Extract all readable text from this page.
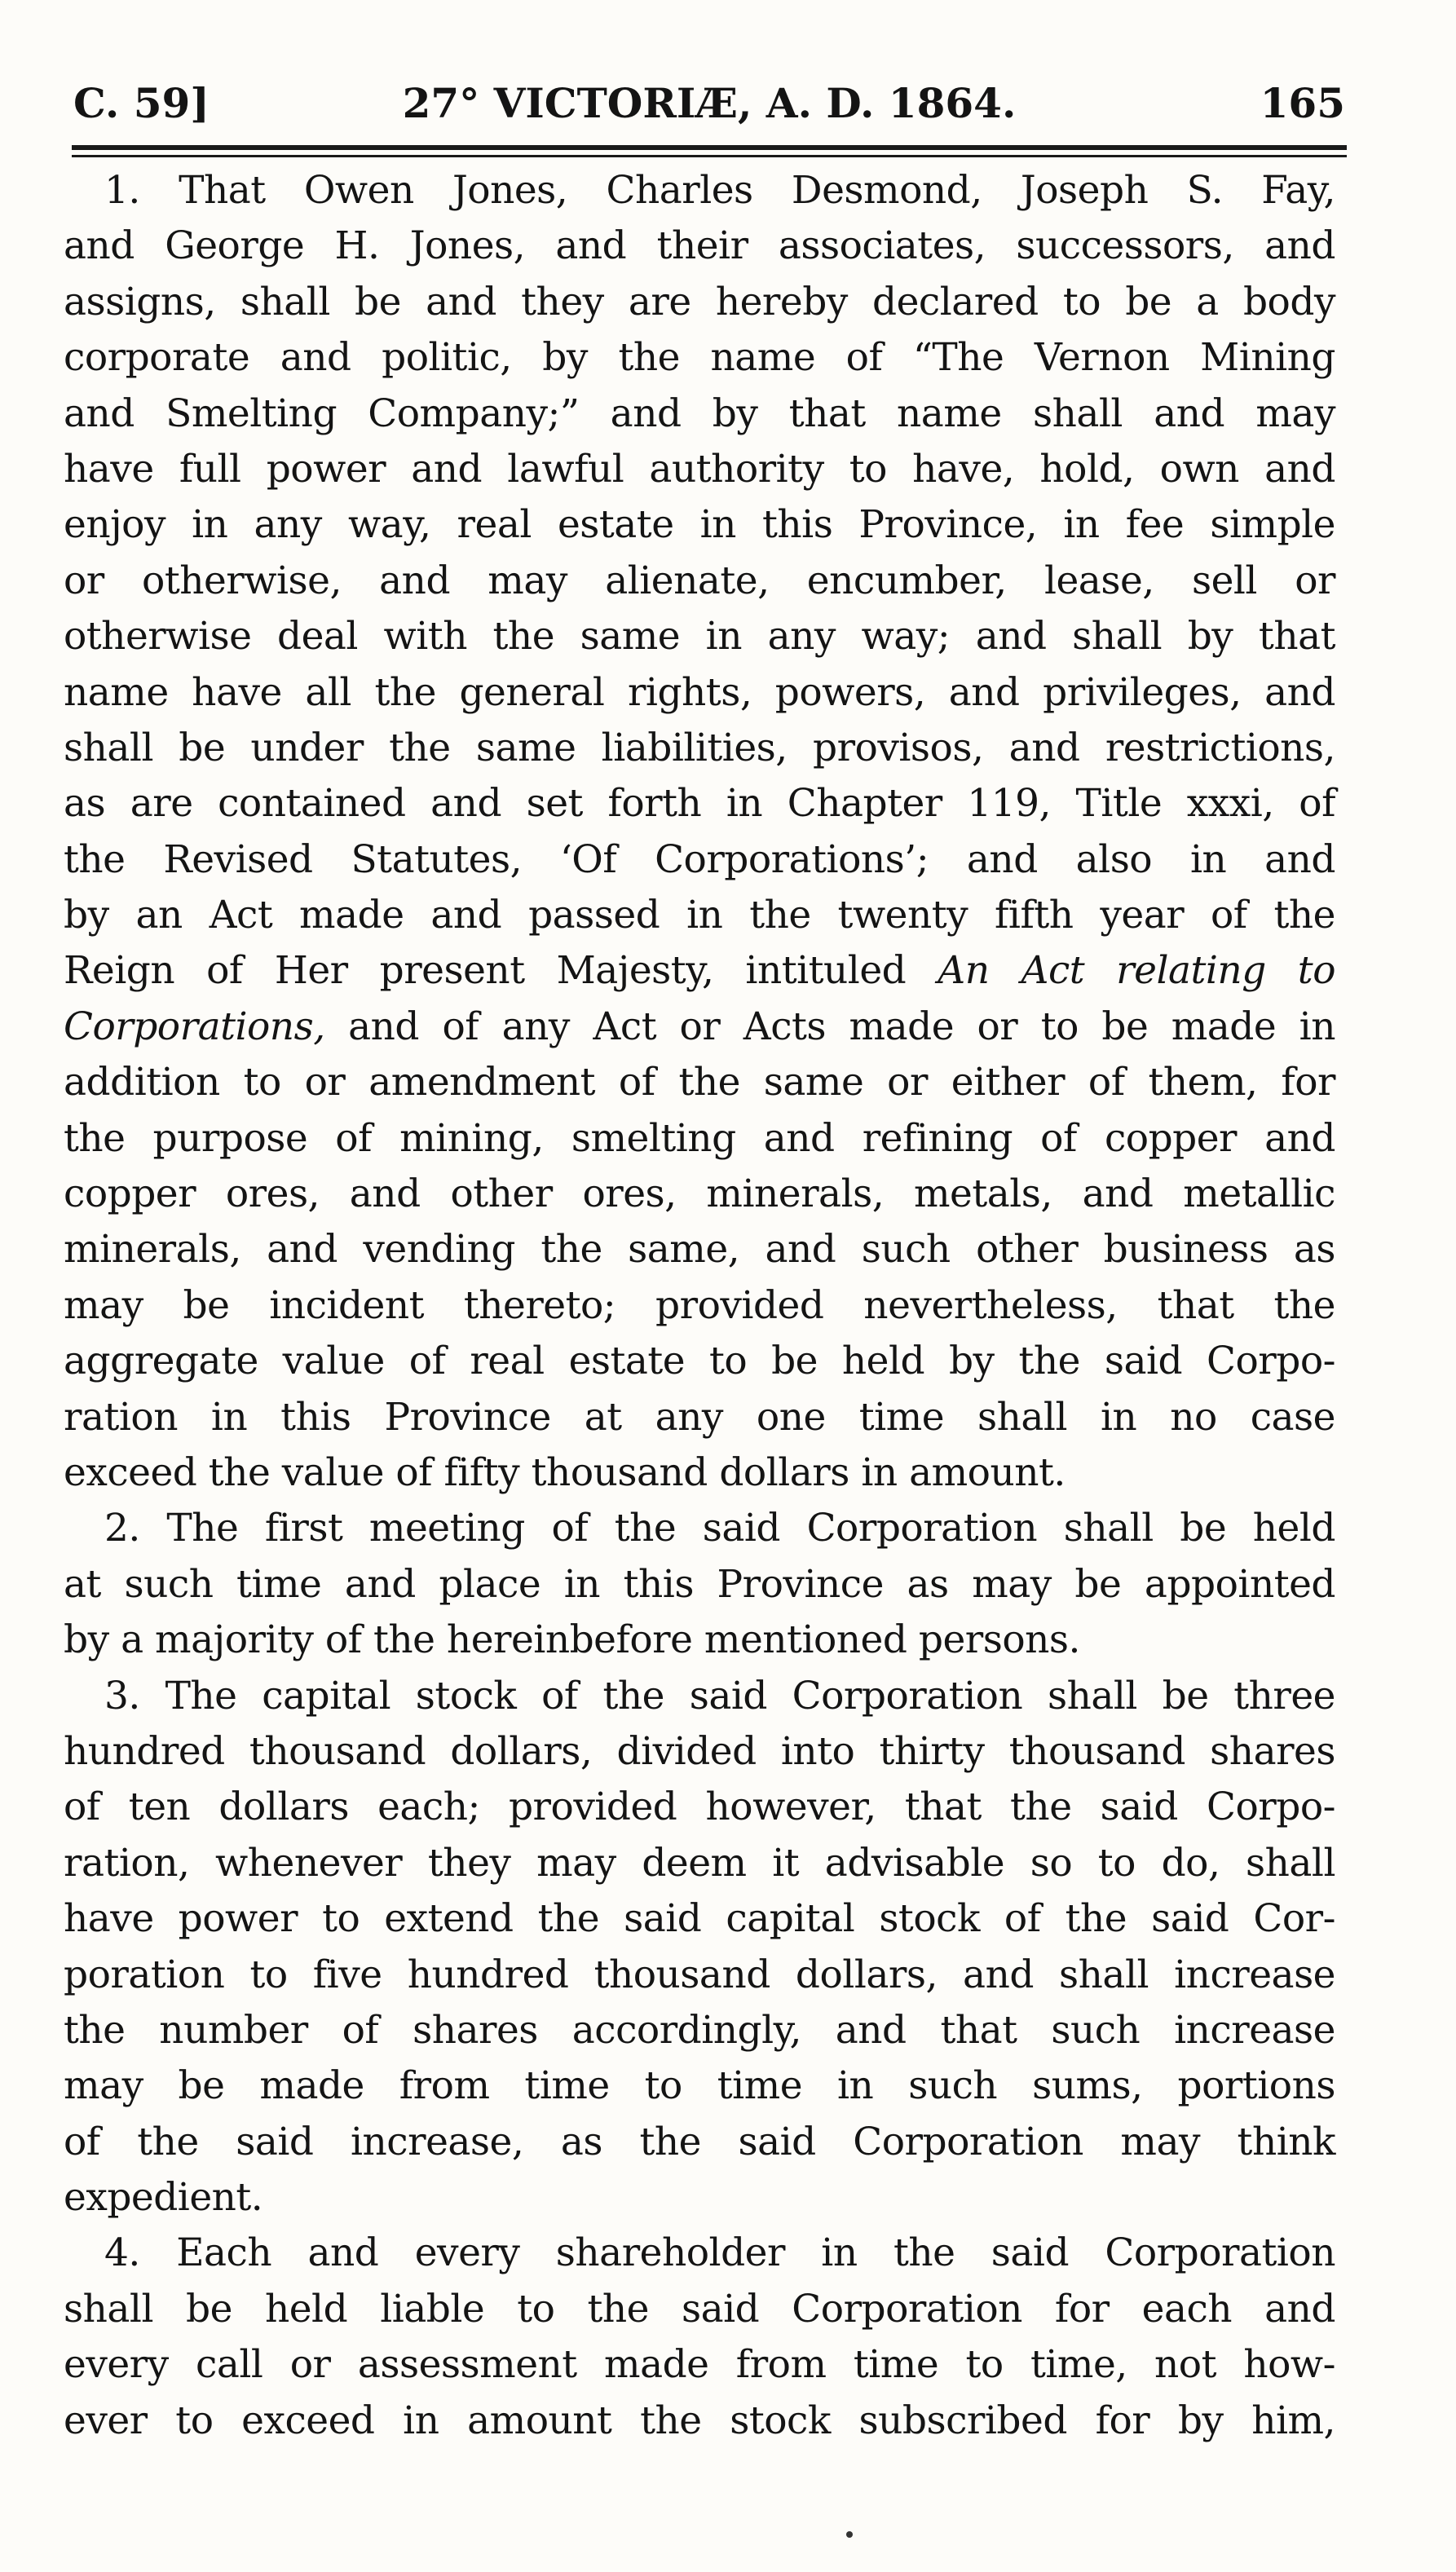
C. 59]	27° VICTORIÆ, A. D. 1864.	165
1. That Owen Jones, Charles Desmond, Joseph S. Fay,
and George H. Jones, and their associates, successors, and
assigns, shall be and they are hereby declared to be a body
corporate and politic, by the name of “The Vernon Mining
and Smelting Company;” and by that name shall and may
have full power and lawful authority to have, hold, own and
enjoy in any way, real estate in this Province, in fee simple
or otherwise, and may alienate, encumber, lease, sell or
otherwise deal with the same in any way; and shall by that
name have all the general rights, powers, and privileges, and
shall be under the same liabilities, provisos, and restrictions,
as are contained and set forth in Chapter 119, Title xxxi, of
the Revised Statutes, ‘Of Corporations’; and also in and
by an Act made and passed in the twenty fifth year of the
Reign of Her present Majesty, intituled An Act relating to
Corporations, and of any Act or Acts made or to be made in
addition to or amendment of the same or either of them, for
the purpose of mining, smelting and refining of copper and
copper ores, and other ores, minerals, metals, and metallic
minerals, and vending the same, and such other business as
may be incident thereto; provided nevertheless, that the
aggregate value of real estate to be held by the said Corpo-
ration in this Province at any one time shall in no case
exceed the value of fifty thousand dollars in amount.
2. The first meeting of the said Corporation shall be held
at such time and place in this Province as may be appointed
by a majority of the hereinbefore mentioned persons.
3. The capital stock of the said Corporation shall be three
hundred thousand dollars, divided into thirty thousand shares
of ten dollars each; provided however, that the said Corpo-
ration, whenever they may deem it advisable so to do, shall
have power to extend the said capital stock of the said Cor-
poration to five hundred thousand dollars, and shall increase
the number of shares accordingly, and that such increase
may be made from time to time in such sums, portions
of the said increase, as the said Corporation may think
expedient.
4. Each and every shareholder in the said Corporation
shall be held liable to the said Corporation for each and
every call or assessment made from time to time, not how-
ever to exceed in amount the stock subscribed for by him,
